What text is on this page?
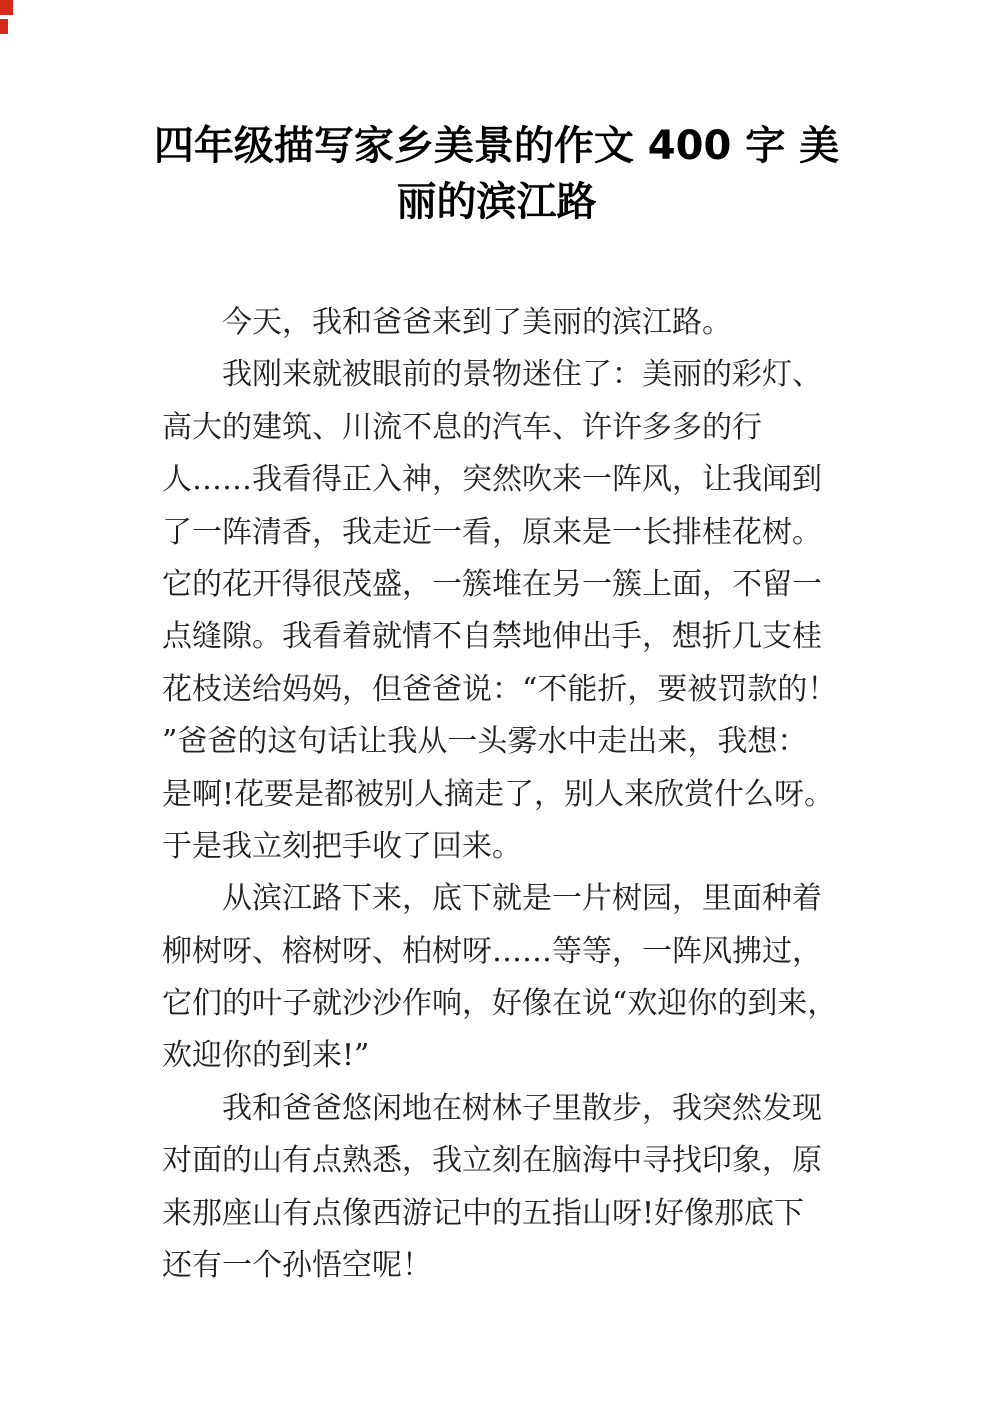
四年级描写家乡美景的作文 400 字 美
丽的滨江路
今天，我和爸爸来到了美丽的滨江路。
我刚来就被眼前的景物迷住了：美丽的彩灯、
高大的建筑、川流不息的汽车、许许多多的行
人……我看得正入神，突然吹来一阵风，让我闻到
了一阵清香，我走近一看，原来是一长排桂花树。
它的花开得很茂盛，一簇堆在另一簇上面，不留一
点缝隙。我看着就情不自禁地伸出手，想折几支桂
花枝送给妈妈，但爸爸说：“不能折，要被罚款的！
”爸爸的这句话让我从一头雾水中走出来，我想：
是啊!花要是都被别人摘走了，别人来欣赏什么呀。
于是我立刻把手收了回来。
从滨江路下来，底下就是一片树园，里面种着
柳树呀、榕树呀、柏树呀……等等，一阵风拂过，
它们的叶子就沙沙作响，好像在说“欢迎你的到来，
欢迎你的到来!”
我和爸爸悠闲地在树林子里散步，我突然发现
对面的山有点熟悉，我立刻在脑海中寻找印象，原
来那座山有点像西游记中的五指山呀!好像那底下
还有一个孙悟空呢！
